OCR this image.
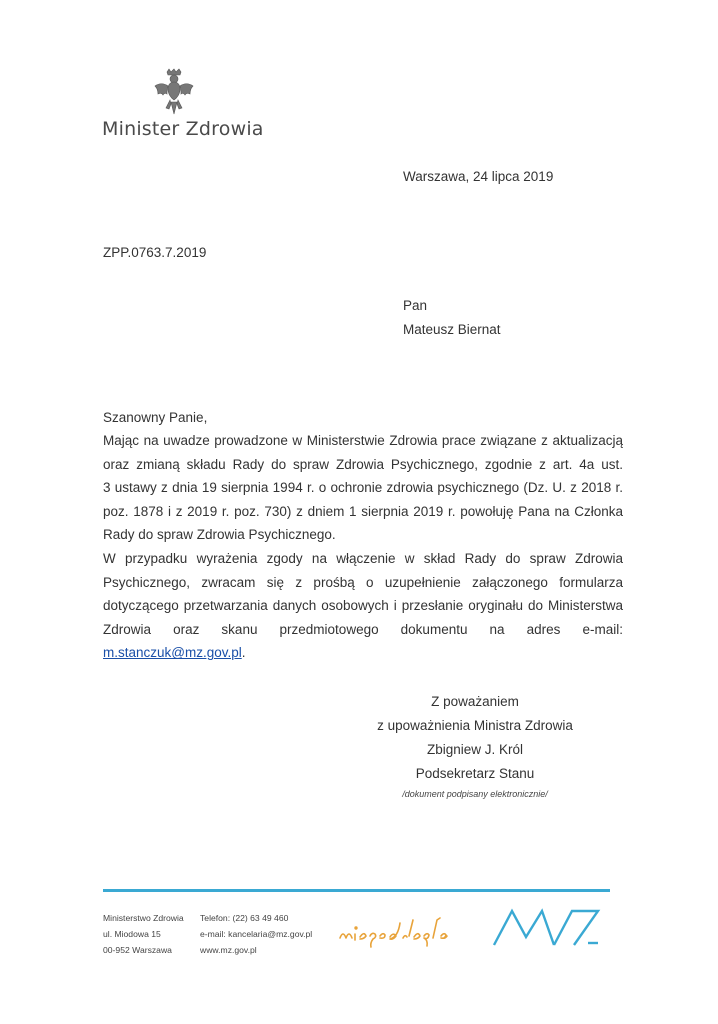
Minister Zdrowia
Warszawa, 24 lipca 2019
ZPP.0763.7.2019
Pan
Mateusz Biernat
Szanowny Panie,
Mając na uwadze prowadzone w Ministerstwie Zdrowia prace związane z aktualizacją
oraz zmianą składu Rady do spraw Zdrowia Psychicznego, zgodnie z art. 4a ust.
3 ustawy z dnia 19 sierpnia 1994 r. o ochronie zdrowia psychicznego (Dz. U. z 2018 r.
poz. 1878 i z 2019 r. poz. 730) z dniem 1 sierpnia 2019 r. powołuję Pana na Członka
Rady do spraw Zdrowia Psychicznego.
W przypadku wyrażenia zgody na włączenie w skład Rady do spraw Zdrowia
Psychicznego, zwracam się z prośbą o uzupełnienie załączonego formularza
dotyczącego przetwarzania danych osobowych i przesłanie oryginału do Ministerstwa
Zdrowia oraz skanu przedmiotowego dokumentu na adres e-mail:
m.stanczuk@mz.gov.pl.
Z poważaniem
z upoważnienia Ministra Zdrowia
Zbigniew J. Król
Podsekretarz Stanu
/dokument podpisany elektronicznie/
Ministerstwo Zdrowia
ul. Miodowa 15
00-952 Warszawa
Telefon: (22) 63 49 460
e-mail: kancelaria@mz.gov.pl
www.mz.gov.pl
